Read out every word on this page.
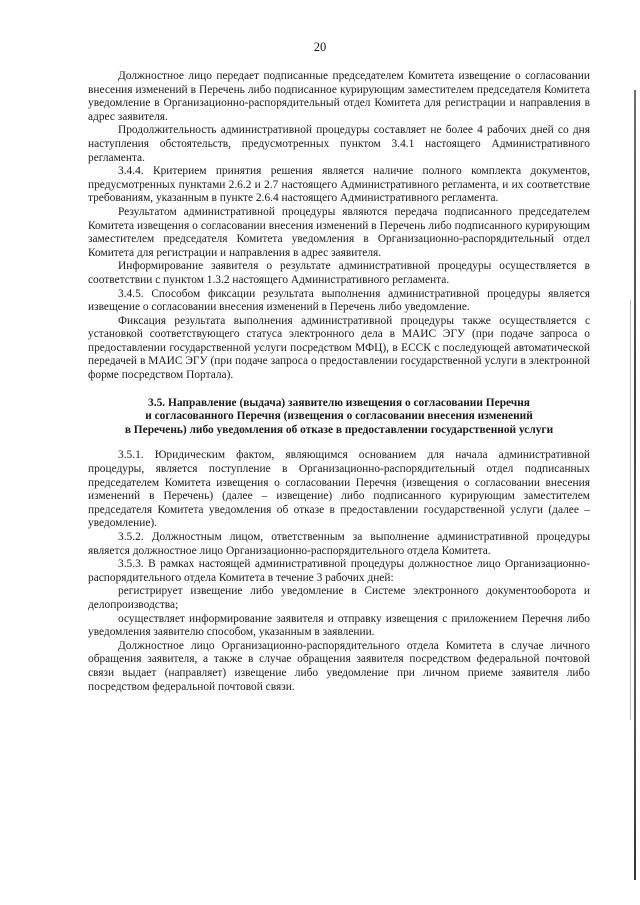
20

Должностное лицо передает подписанные председателем Комитета извещение о согласовании внесения изменений в Перечень либо подписанное курирующим заместителем председателя Комитета уведомление в Организационно-распорядительный отдел Комитета для регистрации и направления в адрес заявителя.

Продолжительность административной процедуры составляет не более 4 рабочих дней со дня наступления обстоятельств, предусмотренных пунктом 3.4.1 настоящего Административного регламента.

3.4.4. Критерием принятия решения является наличие полного комплекта документов, предусмотренных пунктами 2.6.2 и 2.7 настоящего Административного регламента, и их соответствие требованиям, указанным в пункте 2.6.4 настоящего Административного регламента.

Результатом административной процедуры являются передача подписанного председателем Комитета извещения о согласовании внесения изменений в Перечень либо подписанного курирующим заместителем председателя Комитета уведомления в Организационно-распорядительный отдел Комитета для регистрации и направления в адрес заявителя.

Информирование заявителя о результате административной процедуры осуществляется в соответствии с пунктом 1.3.2 настоящего Административного регламента.

3.4.5. Способом фиксации результата выполнения административной процедуры является извещение о согласовании внесения изменений в Перечень либо уведомление.

Фиксация результата выполнения административной процедуры также осуществляется с установкой соответствующего статуса электронного дела в МАИС ЭГУ (при подаче запроса о предоставлении государственной услуги посредством МФЦ), в ЕССК с последующей автоматической передачей в МАИС ЭГУ (при подаче запроса о предоставлении государственной услуги в электронной форме посредством Портала).

3.5. Направление (выдача) заявителю извещения о согласовании Перечня
и согласованного Перечня (извещения о согласовании внесения изменений
в Перечень) либо уведомления об отказе в предоставлении государственной услуги

3.5.1. Юридическим фактом, являющимся основанием для начала административной процедуры, является поступление в Организационно-распорядительный отдел подписанных председателем Комитета извещения о согласовании Перечня (извещения о согласовании внесения изменений в Перечень) (далее – извещение) либо подписанного курирующим заместителем председателя Комитета уведомления об отказе в предоставлении государственной услуги (далее – уведомление).

3.5.2. Должностным лицом, ответственным за выполнение административной процедуры является должностное лицо Организационно-распорядительного отдела Комитета.

3.5.3. В рамках настоящей административной процедуры должностное лицо Организационно-распорядительного отдела Комитета в течение 3 рабочих дней:

регистрирует извещение либо уведомление в Системе электронного документооборота и делопроизводства;

осуществляет информирование заявителя и отправку извещения с приложением Перечня либо уведомления заявителю способом, указанным в заявлении.

Должностное лицо Организационно-распорядительного отдела Комитета в случае личного обращения заявителя, а также в случае обращения заявителя посредством федеральной почтовой связи выдает (направляет) извещение либо уведомление при личном приеме заявителя либо посредством федеральной почтовой связи.
